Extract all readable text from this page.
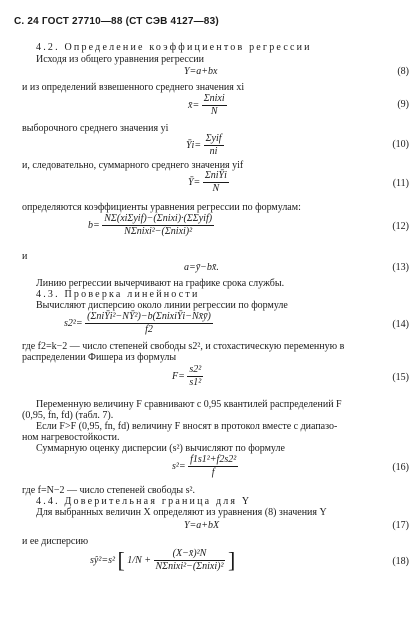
С. 24 ГОСТ 27710—88 (СТ СЭВ 4127—83)
4.2. Определение коэффициентов регрессии
Исходя из общего уравнения регрессии
Y=a+bx	(8)
и из определений взвешенного среднего значения xi
x̄= $\frac{\text{Σnixi}}{N}$	(9)
выборочного среднего значения yi
Ȳi= $\frac{\text{Σyif}}{ni}$	(10)
и, следовательно, суммарного среднего значения yif
Ȳ= $\frac{\text{ΣniȲi}}{N}$	(11)
определяются коэффициенты уравнения регрессии по формулам:
$b= \frac{\text{NΣ(xiΣyif)−(Σnixi)·(ΣΣyif)}}{\text{NΣnixi²−(Σnixi)²}}$	(12)
и
a=ȳ−bx̄.	(13)
Линию регрессии вычерчивают на графике срока службы.
4.3. Проверка линейности
Вычисляют дисперсию около линии регрессии по формуле
$s2^2= \frac{\text{(ΣniȲi²−NȲ²)−b(ΣnixiȲi−Nx̄ȳ)}}{f2}$	(14)
где f2=k−2 — число степеней свободы s2², и стохастическую переменную в
распределении Фишера из формулы
$F= \frac{\text{s2²}}{\text{s1²}}$	(15)
Переменную величину F сравнивают с 0,95 квантилей распределений F
(0,95, fn, fd) (табл. 7).
Если F>F (0,95, fn, fd) величину F вносят в протокол вместе с диапазо-
ном нагревостойкости.
Суммарную оценку дисперсии (s²) вычисляют по формуле
$s^2= \frac{\text{f1s1²+f2s2²}}{f}$	(16)
где f=N−2 — число степеней свободы s².
4.4. Доверительная граница для Y
Для выбранных величин X определяют из уравнения (8) значения Y
Y=a+bX	(17)
и ее дисперсию
sŷ²=s² [ $1/N + \frac{\text{(X−x̄)²N}}{\text{NΣnixi²−(Σnixi)²}}$ ]	(18)
